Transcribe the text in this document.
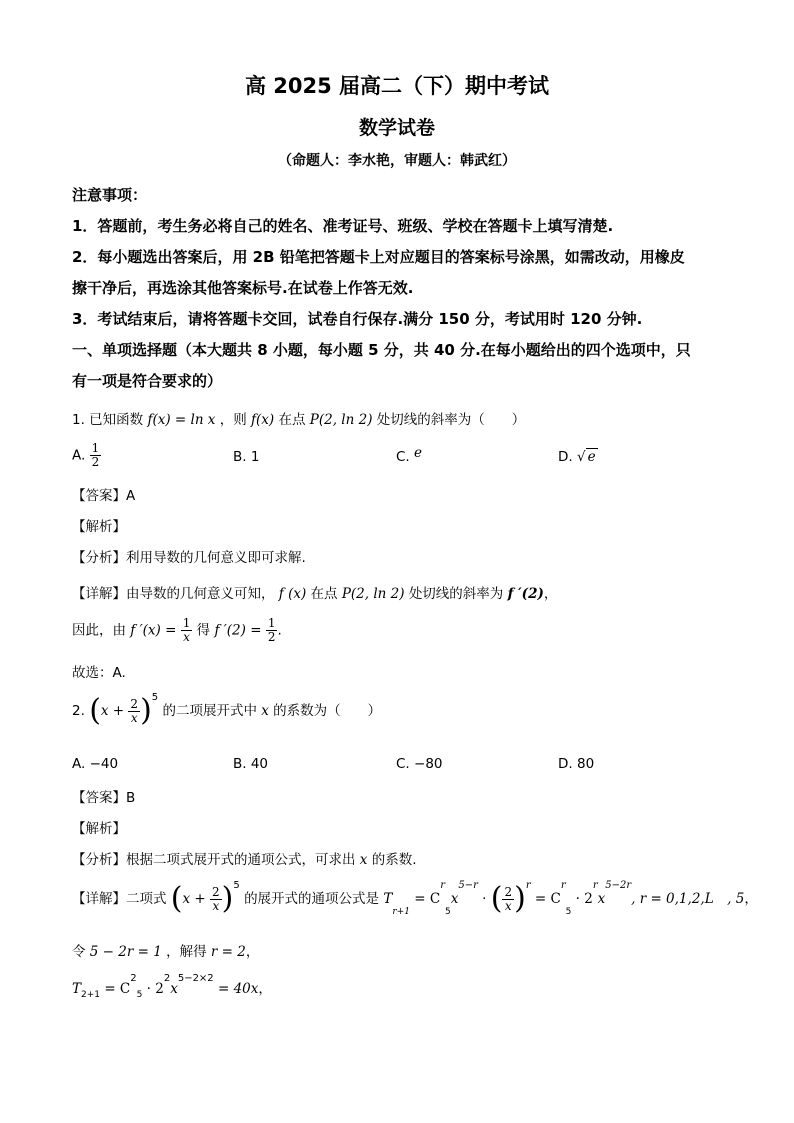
高 2025 届高二（下）期中考试
数学试卷
（命题人：李水艳，审题人：韩武红）
注意事项：
1．答题前，考生务必将自己的姓名、准考证号、班级、学校在答题卡上填写清楚.
2．每小题选出答案后，用 2B 铅笔把答题卡上对应题目的答案标号涂黑，如需改动，用橡皮
擦干净后，再选涂其他答案标号.在试卷上作答无效.
3．考试结束后，请将答题卡交回，试卷自行保存.满分 150 分，考试用时 120 分钟.
一、单项选择题（本大题共 8 小题，每小题 5 分，共 40 分.在每小题给出的四个选项中，只
有一项是符合要求的）
1. 已知函数 f(x) = ln x ，则 f(x) 在点 P(2, ln 2) 处切线的斜率为（　　）
A. $\frac{1}{2}$	B. 1	C. e	D. √ e
【答案】A
【解析】
【分析】利用导数的几何意义即可求解.
【详解】由导数的几何意义可知， f (x) 在点 P(2, ln 2) 处切线的斜率为 f ′(2)，
因此，由 f $'(x) = \frac{1}{x}$ 得 f $'(2) = \frac{1}{2}$ .
故选：A.
2. $(x + \frac{2}{x} )^5$ 的二项展开式中 x 的系数为（　　）
A. −40	B. 40	C. −80	D. 80
【答案】B
【解析】
【分析】根据二项式展开式的通项公式，可求出 x 的系数.
【详解】二项式 $(x + \frac{2}{x} )^5$ 的展开式的通项公式是 $T_{r+1} = C^r_5x^{5-r}$ · ( $\frac{2}{x} )^r = C^r_5 \cdot 2^rx^{5-2r}$, r = 0,1,2,L　, 5，
令 5 − 2r = 1 ，解得 r = 2，
$T_{2+1} = C^2_5 \cdot 2^2x^{5-2\times 2} = 40x$，
